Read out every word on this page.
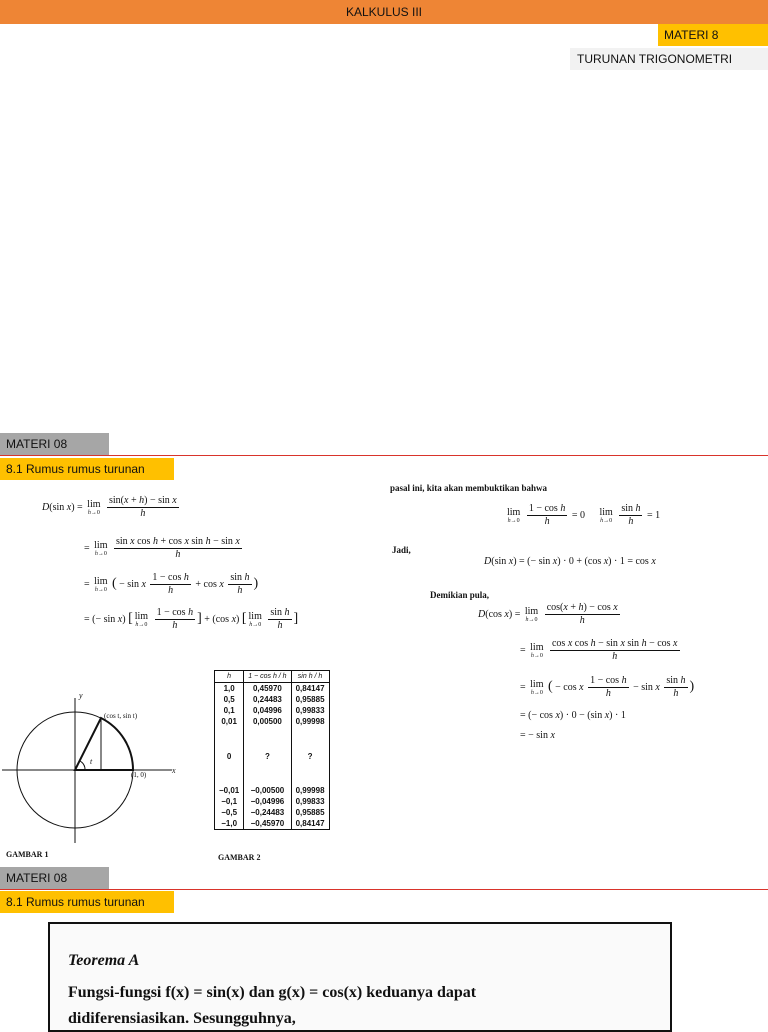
KALKULUS III
MATERI 8
TURUNAN TRIGONOMETRI
MATERI 08
8.1 Rumus rumus turunan
D(sin x) = lim
h→0
$\frac{\text{sin(x + h) − sin x}}{h}$
= lim
h→0
$\frac{\text{sin x cos h + cos x sin h − sin x}}{h}$
= lim
h→0 ( − sin x $\frac{\text{1 − cos h}}{h} + \cos x \frac{\text{sin h}}{h}$ )
= (− sin x) [ lim
h→0
$\frac{\text{1 − cos h}}{h}$ ] + (cos x) [ lim
h→0
$\frac{\text{sin h}}{h}$ ]
pasal ini, kita akan membuktikan bahwa
lim
h→0
$\frac{\text{1 − cos h}}{h} = 0$ lim
h→0
$\frac{\text{sin h}}{h} = 1$
Jadi,
D(sin x) = (− sin x) · 0 + (cos x) · 1 = cos x
Demikian pula,
D(cos x) = lim
h→0
$\frac{\text{cos(x + h) − cos x}}{h}$
= lim
h→0
$\frac{\text{cos x cos h − sin x sin h − cos x}}{h}$
= lim
h→0 ( − cos x $\frac{\text{1 − cos h}}{h} - \sin x \frac{\text{sin h}}{h}$ )
= (− cos x) · 0 − (sin x) · 1
= − sin x
(cos t, sin t)
(1, 0)
t
x
y
GAMBAR 1
h	1 − cos h / h	sin h / h
1,0	0,45970	0,84147
0,5	0,24483	0,95885
0,1	0,04996	0,99833
0,01	0,00500	0,99998
0	?	?
−0,01	−0,00500	0,99998
−0,1	−0,04996	0,99833
−0,5	−0,24483	0,95885
−1,0	−0,45970	0,84147
GAMBAR 2
MATERI 08
8.1 Rumus rumus turunan
Teorema A
Fungsi-fungsi f(x) = sin(x) dan g(x) = cos(x) keduanya dapat
didiferensiasikan. Sesungguhnya,
